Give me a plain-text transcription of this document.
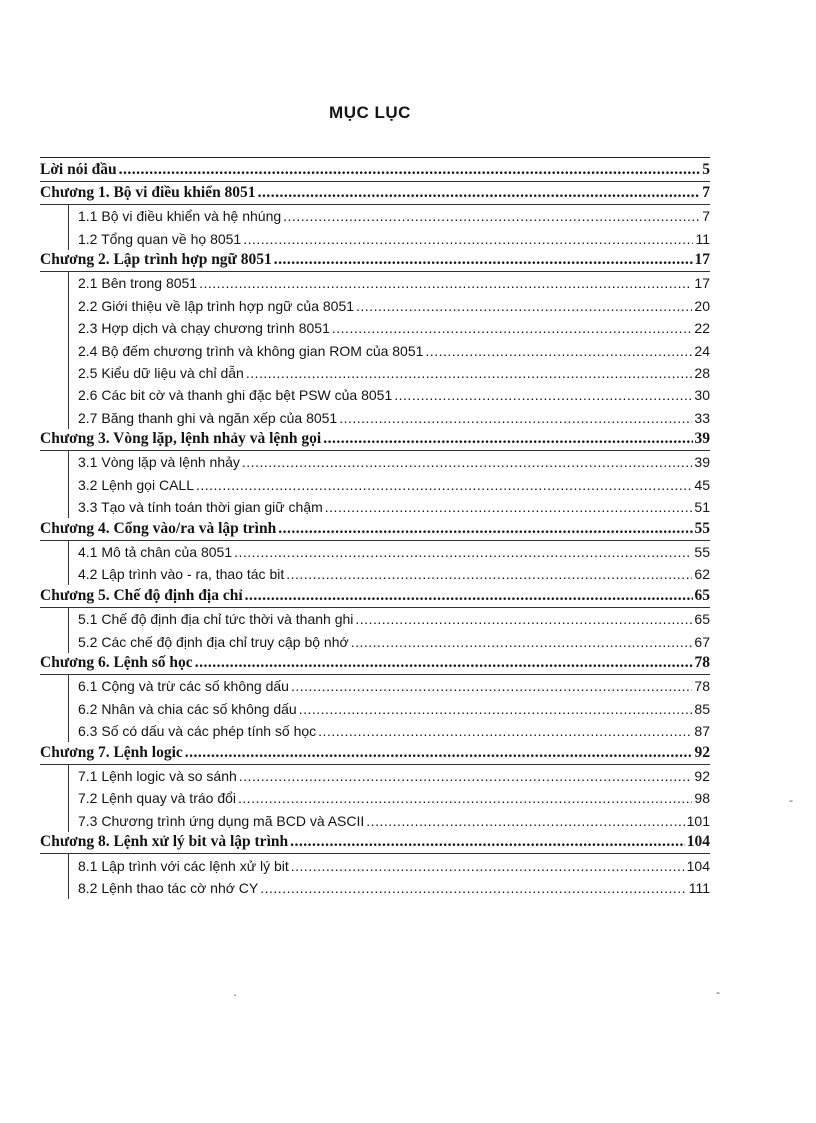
MỤC LỤC
Lời nói đầu .....	5
Chương 1. Bộ vi điều khiển 8051 .....	7
1.1 Bộ vi điều khiển và hệ nhúng .....	7
1.2 Tổng quan về họ 8051 .....	11
Chương 2. Lập trình hợp ngữ 8051 .....	17
2.1 Bên trong 8051 .....	17
2.2 Giới thiệu về lập trình hợp ngữ của 8051 .....	20
2.3 Hợp dịch và chạy chương trình 8051 .....	22
2.4 Bộ đếm chương trình và không gian ROM của 8051 .....	24
2.5 Kiểu dữ liệu và chỉ dẫn .....	28
2.6 Các bit cờ và thanh ghi đặc bệt PSW của 8051 .....	30
2.7 Băng thanh ghi và ngăn xếp của 8051 .....	33
Chương 3. Vòng lặp, lệnh nhảy và lệnh gọi .....	39
3.1 Vòng lặp và lệnh nhảy .....	39
3.2 Lệnh gọi CALL .....	45
3.3 Tạo và tính toán thời gian giữ chậm .....	51
Chương 4. Cổng vào/ra và lập trình .....	55
4.1 Mô tả chân của 8051 .....	55
4.2 Lập trình vào - ra, thao tác bit .....	62
Chương 5. Chế độ định địa chỉ .....	65
5.1 Chế độ định địa chỉ tức thời và thanh ghi .....	65
5.2 Các chế độ định địa chỉ truy cập bộ nhớ .....	67
Chương 6. Lệnh số học .....	78
6.1 Cộng và trừ các số không dấu .....	78
6.2 Nhân và chia các số không dấu .....	85
6.3 Số có dấu và các phép tính số học .....	87
Chương 7. Lệnh logic .....	92
7.1 Lệnh logic và so sánh .....	92
7.2 Lệnh quay và tráo đổi .....	98
7.3 Chương trình ứng dụng mã BCD và ASCII .....	101
Chương 8. Lệnh xử lý bit và lập trình .....	104
8.1 Lập trình với các lệnh xử lý bit .....	104
8.2 Lệnh thao tác cờ nhớ CY .....	111
-
-
·
